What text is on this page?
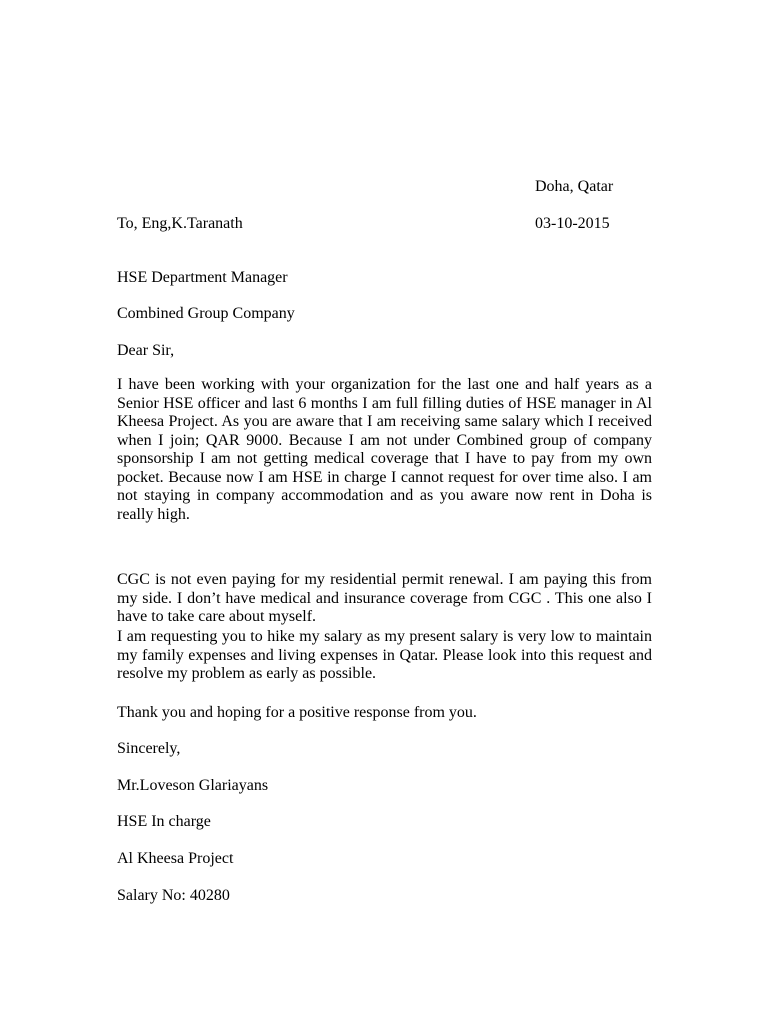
Doha, Qatar
To, Eng,K.Taranath	03-10-2015
HSE Department Manager
Combined Group Company
Dear Sir,

I have been working with your organization for the last one and half years as a Senior HSE officer and last 6 months I am full filling duties of HSE manager in Al Kheesa Project. As you are aware that I am receiving same salary which I received when I join; QAR 9000. Because I am not under Combined group of company sponsorship I am not getting medical coverage that I have to pay from my own pocket. Because now I am HSE in charge I cannot request for over time also. I am not staying in company accommodation and as you aware now rent in Doha is really high.

CGC is not even paying for my residential permit renewal. I am paying this from my side. I don’t have medical and insurance coverage from CGC . This one also I have to take care about myself.

I am requesting you to hike my salary as my present salary is very low to maintain my family expenses and living expenses in Qatar. Please look into this request and resolve my problem as early as possible.

Thank you and hoping for a positive response from you.
Sincerely,
Mr.Loveson Glariayans
HSE In charge
Al Kheesa Project
Salary No: 40280
